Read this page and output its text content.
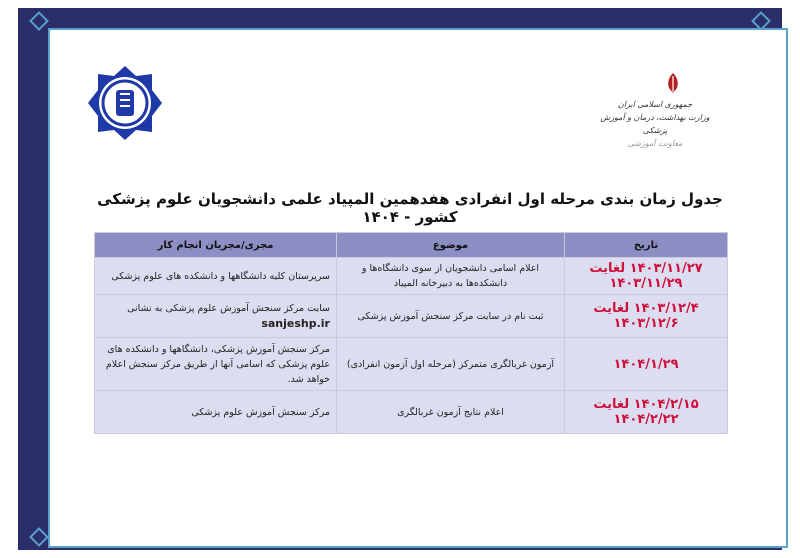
جمهوری اسلامی ایران
وزارت بهداشت، درمان و آموزش پزشکی
معاونت آموزشی
جدول زمان بندی مرحله اول انفرادی هفدهمین المپیاد علمی دانشجویان علوم پزشکی کشور - ۱۴۰۴
تاریخ	موضوع	مجری/مجریان انجام کار
۱۴۰۳/۱۱/۲۷ لغایت ۱۴۰۳/۱۱/۲۹	اعلام اسامی دانشجویان از سوی دانشگاه‌ها و دانشکده‌ها به دبیرخانه المپیاد	سرپرستان کلیه دانشگاهها و دانشکده های علوم پزشکی
۱۴۰۳/۱۲/۴ لغایت ۱۴۰۳/۱۲/۶	ثبت نام در سایت مرکز سنجش آموزش پزشکی	سایت مرکز سنجش آموزش علوم پزشکی به نشانی sanjeshp.ir
۱۴۰۴/۱/۲۹	آزمون غربالگری متمرکز (مرحله اول آزمون انفرادی)	مرکز سنجش آموزش پزشکی، دانشگاهها و دانشکده های علوم پزشکی که اسامی آنها از طریق مرکز سنجش اعلام خواهد شد.
۱۴۰۴/۲/۱۵ لغایت ۱۴۰۴/۲/۲۲	اعلام نتایج آزمون غربالگری	مرکز سنجش آموزش علوم پزشکی
